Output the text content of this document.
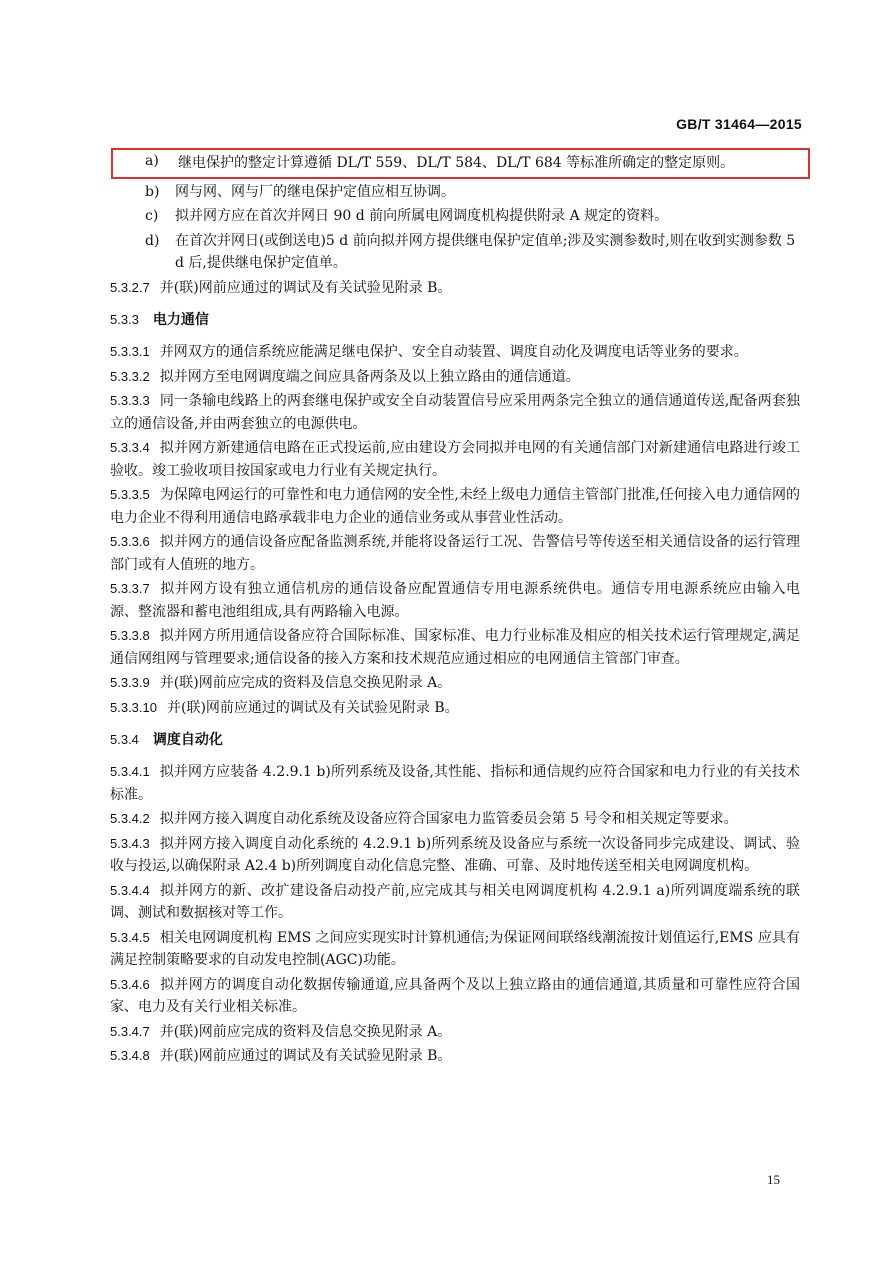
GB/T 31464—2015
a) 继电保护的整定计算遵循 DL/T 559、DL/T 584、DL/T 684 等标准所确定的整定原则。
b) 网与网、网与厂的继电保护定值应相互协调。
c) 拟并网方应在首次并网日 90 d 前向所属电网调度机构提供附录 A 规定的资料。
d) 在首次并网日(或倒送电)5 d 前向拟并网方提供继电保护定值单;涉及实测参数时,则在收到实测参数 5 d 后,提供继电保护定值单。
5.3.2.7 并(联)网前应通过的调试及有关试验见附录 B。
5.3.3 电力通信
5.3.3.1 并网双方的通信系统应能满足继电保护、安全自动装置、调度自动化及调度电话等业务的要求。
5.3.3.2 拟并网方至电网调度端之间应具备两条及以上独立路由的通信通道。
5.3.3.3 同一条输电线路上的两套继电保护或安全自动装置信号应采用两条完全独立的通信通道传送,配备两套独立的通信设备,并由两套独立的电源供电。
5.3.3.4 拟并网方新建通信电路在正式投运前,应由建设方会同拟并电网的有关通信部门对新建通信电路进行竣工验收。竣工验收项目按国家或电力行业有关规定执行。
5.3.3.5 为保障电网运行的可靠性和电力通信网的安全性,未经上级电力通信主管部门批准,任何接入电力通信网的电力企业不得利用通信电路承载非电力企业的通信业务或从事营业性活动。
5.3.3.6 拟并网方的通信设备应配备监测系统,并能将设备运行工况、告警信号等传送至相关通信设备的运行管理部门或有人值班的地方。
5.3.3.7 拟并网方设有独立通信机房的通信设备应配置通信专用电源系统供电。通信专用电源系统应由输入电源、整流器和蓄电池组组成,具有两路输入电源。
5.3.3.8 拟并网方所用通信设备应符合国际标准、国家标准、电力行业标准及相应的相关技术运行管理规定,满足通信网组网与管理要求;通信设备的接入方案和技术规范应通过相应的电网通信主管部门审查。
5.3.3.9 并(联)网前应完成的资料及信息交换见附录 A。
5.3.3.10 并(联)网前应通过的调试及有关试验见附录 B。
5.3.4 调度自动化
5.3.4.1 拟并网方应装备 4.2.9.1 b)所列系统及设备,其性能、指标和通信规约应符合国家和电力行业的有关技术标准。
5.3.4.2 拟并网方接入调度自动化系统及设备应符合国家电力监管委员会第 5 号令和相关规定等要求。
5.3.4.3 拟并网方接入调度自动化系统的 4.2.9.1 b)所列系统及设备应与系统一次设备同步完成建设、调试、验收与投运,以确保附录 A2.4 b)所列调度自动化信息完整、准确、可靠、及时地传送至相关电网调度机构。
5.3.4.4 拟并网方的新、改扩建设备启动投产前,应完成其与相关电网调度机构 4.2.9.1 a)所列调度端系统的联调、测试和数据核对等工作。
5.3.4.5 相关电网调度机构 EMS 之间应实现实时计算机通信;为保证网间联络线潮流按计划值运行,EMS 应具有满足控制策略要求的自动发电控制(AGC)功能。
5.3.4.6 拟并网方的调度自动化数据传输通道,应具备两个及以上独立路由的通信通道,其质量和可靠性应符合国家、电力及有关行业相关标准。
5.3.4.7 并(联)网前应完成的资料及信息交换见附录 A。
5.3.4.8 并(联)网前应通过的调试及有关试验见附录 B。
15
